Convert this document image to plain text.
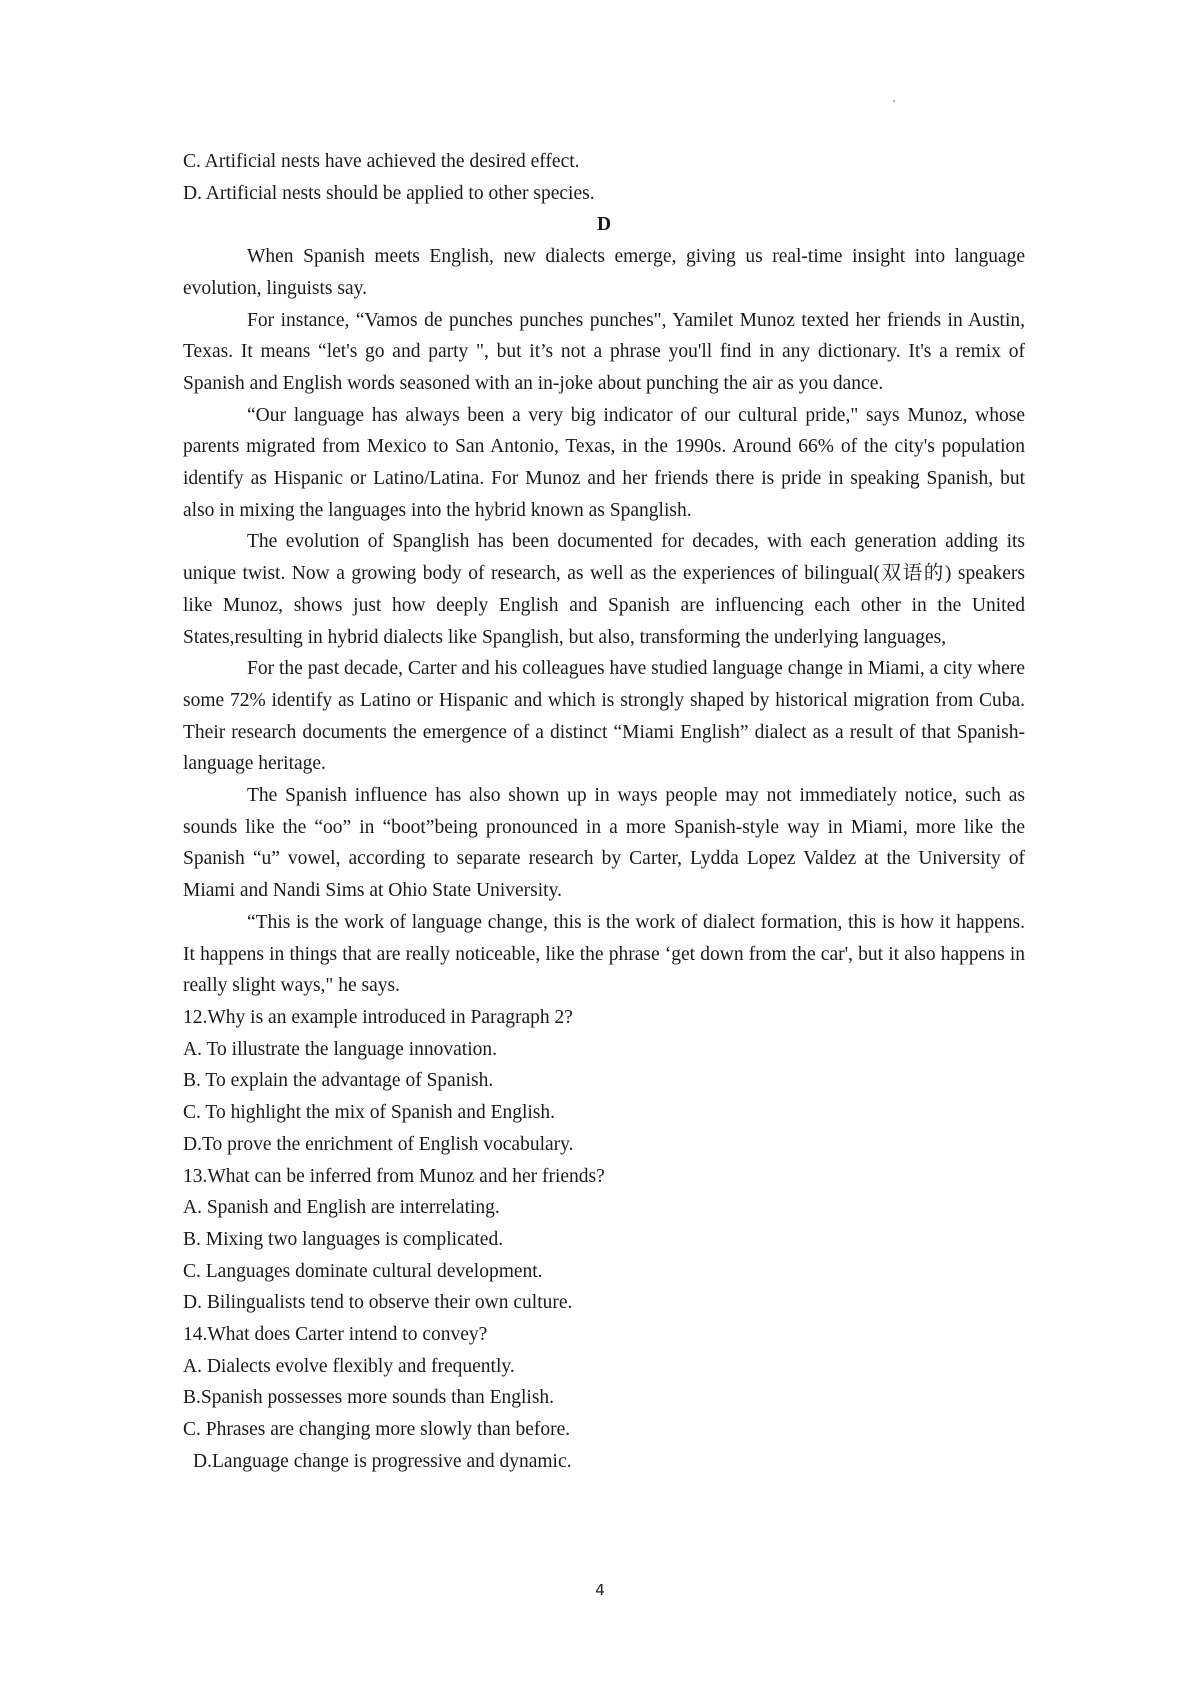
C. Artificial nests have achieved the desired effect.
D. Artificial nests should be applied to other species.
D

When Spanish meets English, new dialects emerge, giving us real-time insight into language evolution, linguists say.

For instance, “Vamos de punches punches punches", Yamilet Munoz texted her friends in Austin, Texas. It means “let's go and party ", but it’s not a phrase you'll find in any dictionary. It's a remix of Spanish and English words seasoned with an in-joke about punching the air as you dance.

“Our language has always been a very big indicator of our cultural pride," says Munoz, whose parents migrated from Mexico to San Antonio, Texas, in the 1990s. Around 66% of the city's population identify as Hispanic or Latino/Latina. For Munoz and her friends there is pride in speaking Spanish, but also in mixing the languages into the hybrid known as Spanglish.

The evolution of Spanglish has been documented for decades, with each generation adding its unique twist. Now a growing body of research, as well as the experiences of bilingual(双语的) speakers like Munoz, shows just how deeply English and Spanish are influencing each other in the United States,resulting in hybrid dialects like Spanglish, but also, transforming the underlying languages,

For the past decade, Carter and his colleagues have studied language change in Miami, a city where some 72% identify as Latino or Hispanic and which is strongly shaped by historical migration from Cuba. Their research documents the emergence of a distinct “Miami English” dialect as a result of that Spanish-language heritage.

The Spanish influence has also shown up in ways people may not immediately notice, such as sounds like the “oo” in “boot”being pronounced in a more Spanish-style way in Miami, more like the Spanish “u” vowel, according to separate research by Carter, Lydda Lopez Valdez at the University of Miami and Nandi Sims at Ohio State University.

“This is the work of language change, this is the work of dialect formation, this is how it happens. It happens in things that are really noticeable, like the phrase ‘get down from the car', but it also happens in really slight ways," he says.

12.Why is an example introduced in Paragraph 2?
A. To illustrate the language innovation.
B. To explain the advantage of Spanish.
C. To highlight the mix of Spanish and English.
D.To prove the enrichment of English vocabulary.
13.What can be inferred from Munoz and her friends?
A. Spanish and English are interrelating.
B. Mixing two languages is complicated.
C. Languages dominate cultural development.
D. Bilingualists tend to observe their own culture.
14.What does Carter intend to convey?
A. Dialects evolve flexibly and frequently.
B.Spanish possesses more sounds than English.
C. Phrases are changing more slowly than before.
D.Language change is progressive and dynamic.
4
